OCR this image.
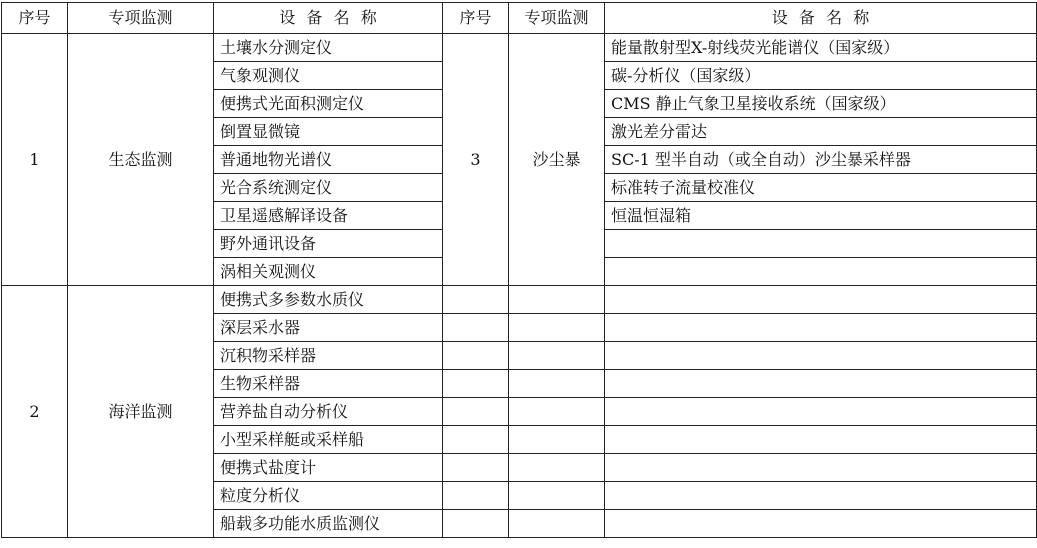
序号	专项监测	设备名称	序号	专项监测	设备名称
1	生态监测	土壤水分测定仪	3	沙尘暴	能量散射型X-射线荧光能谱仪（国家级）
		气象观测仪			碳-分析仪（国家级）
		便携式光面积测定仪			CMS 静止气象卫星接收系统（国家级）
		倒置显微镜			激光差分雷达
		普通地物光谱仪			SC-1 型半自动（或全自动）沙尘暴采样器
		光合系统测定仪			标准转子流量校准仪
		卫星遥感解译设备			恒温恒湿箱
		野外通讯设备			
		涡相关观测仪			
2	海洋监测	便携式多参数水质仪			
		深层采水器			
		沉积物采样器			
		生物采样器			
		营养盐自动分析仪			
		小型采样艇或采样船			
		便携式盐度计			
		粒度分析仪			
		船载多功能水质监测仪			
